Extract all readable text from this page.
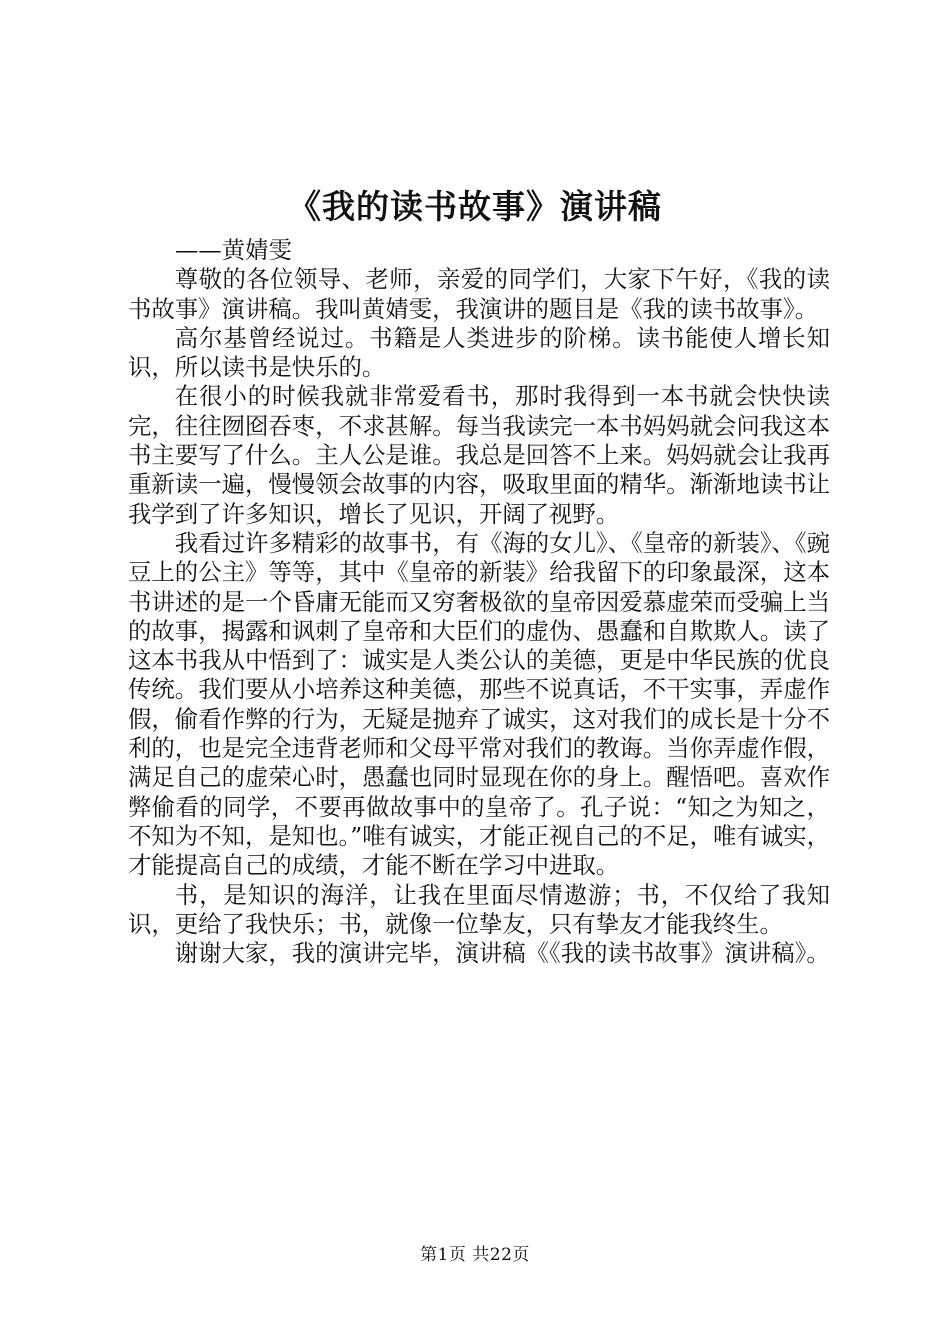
《我的读书故事》演讲稿

——黄婧雯

尊敬的各位领导、老师，亲爱的同学们，大家下午好，《我的读书故事》演讲稿。我叫黄婧雯，我演讲的题目是《我的读书故事》。

高尔基曾经说过。书籍是人类进步的阶梯。读书能使人增长知识，所以读书是快乐的。

在很小的时候我就非常爱看书，那时我得到一本书就会快快读完，往往囫囵吞枣，不求甚解。每当我读完一本书妈妈就会问我这本书主要写了什么。主人公是谁。我总是回答不上来。妈妈就会让我再重新读一遍，慢慢领会故事的内容，吸取里面的精华。渐渐地读书让我学到了许多知识，增长了见识，开阔了视野。

我看过许多精彩的故事书，有《海的女儿》、《皇帝的新装》、《豌豆上的公主》等等，其中《皇帝的新装》给我留下的印象最深，这本书讲述的是一个昏庸无能而又穷奢极欲的皇帝因爱慕虚荣而受骗上当的故事，揭露和讽刺了皇帝和大臣们的虚伪、愚蠢和自欺欺人。读了这本书我从中悟到了：诚实是人类公认的美德，更是中华民族的优良传统。我们要从小培养这种美德，那些不说真话，不干实事，弄虚作假，偷看作弊的行为，无疑是抛弃了诚实，这对我们的成长是十分不利的，也是完全违背老师和父母平常对我们的教诲。当你弄虚作假，满足自己的虚荣心时，愚蠢也同时显现在你的身上。醒悟吧。喜欢作弊偷看的同学，不要再做故事中的皇帝了。孔子说：“知之为知之，不知为不知，是知也。”唯有诚实，才能正视自己的不足，唯有诚实，才能提高自己的成绩，才能不断在学习中进取。

书，是知识的海洋，让我在里面尽情遨游；书，不仅给了我知识，更给了我快乐；书，就像一位挚友，只有挚友才能我终生。

谢谢大家，我的演讲完毕，演讲稿《《我的读书故事》演讲稿》。

第1页 共22页
